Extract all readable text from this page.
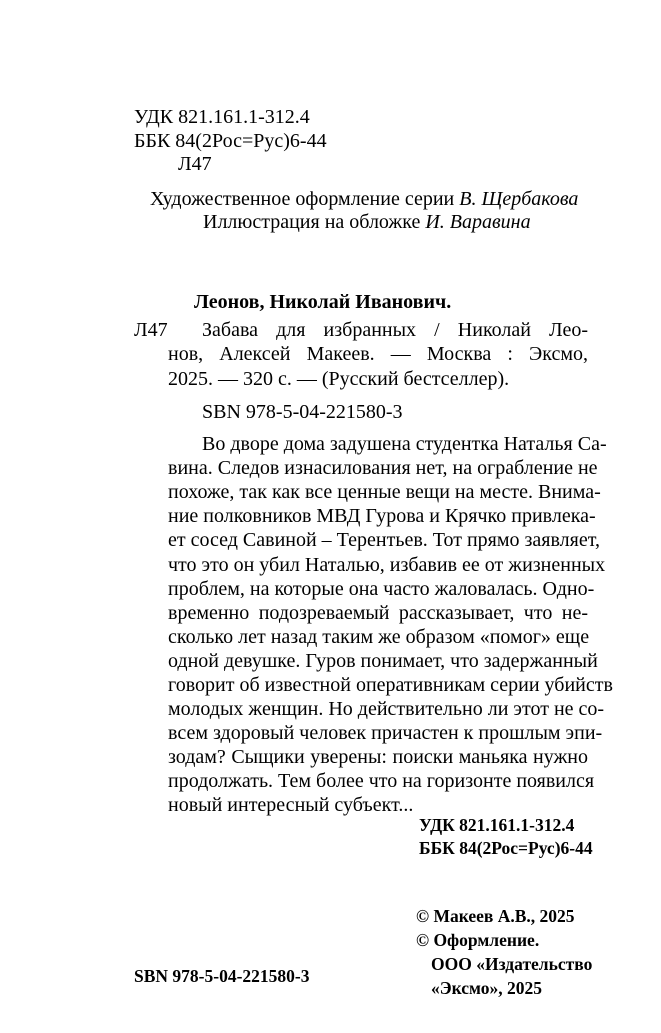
УДК 821.161.1-312.4
ББК 84(2Рос=Рус)6-44
Л47
Художественное оформление серии В. Щербакова
Иллюстрация на обложке И. Варавина
Леонов, Николай Иванович.
Л47 Забава для избранных / Николай Лео-
нов, Алексей Макеев. — Москва : Эксмо,
2025. — 320 с. — (Русский бестселлер).
SBN 978-5-04-221580-3
Во дворе дома задушена студентка Наталья Са-
вина. Следов изнасилования нет, на ограбление не
похоже, так как все ценные вещи на месте. Внима-
ние полковников МВД Гурова и Крячко привлека-
ет сосед Савиной – Терентьев. Тот прямо заявляет,
что это он убил Наталью, избавив ее от жизненных
проблем, на которые она часто жаловалась. Одно-
временно подозреваемый рассказывает, что не-
сколько лет назад таким же образом «помог» еще
одной девушке. Гуров понимает, что задержанный
говорит об известной оперативникам серии убийств
молодых женщин. Но действительно ли этот не со-
всем здоровый человек причастен к прошлым эпи-
зодам? Сыщики уверены: поиски маньяка нужно
продолжать. Тем более что на горизонте появился
новый интересный субъект...
УДК 821.161.1-312.4
ББК 84(2Рос=Рус)6-44
© Макеев А.В., 2025
© Оформление.
ООО «Издательство
«Эксмо», 2025
SBN 978-5-04-221580-3
